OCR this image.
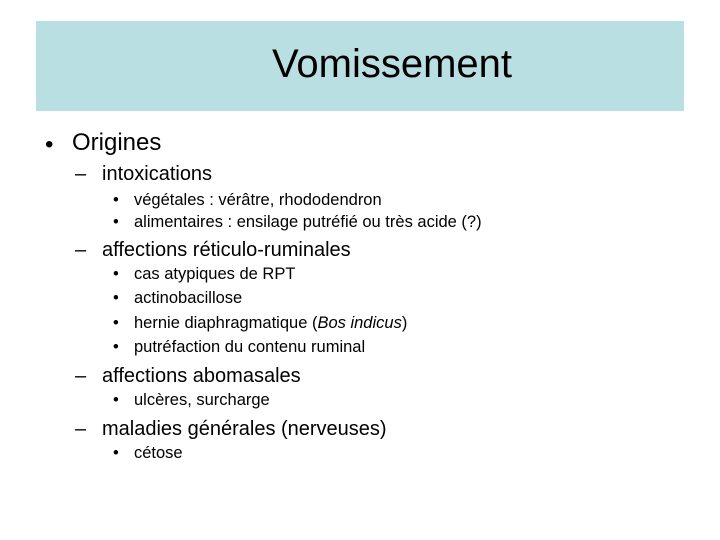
Vomissement
• Origines
– intoxications
• végétales : vérâtre, rhododendron
• alimentaires : ensilage putréfié ou très acide (?)
– affections réticulo-ruminales
• cas atypiques de RPT
• actinobacillose
• hernie diaphragmatique (Bos indicus)
• putréfaction du contenu ruminal
– affections abomasales
• ulcères, surcharge
– maladies générales (nerveuses)
• cétose
